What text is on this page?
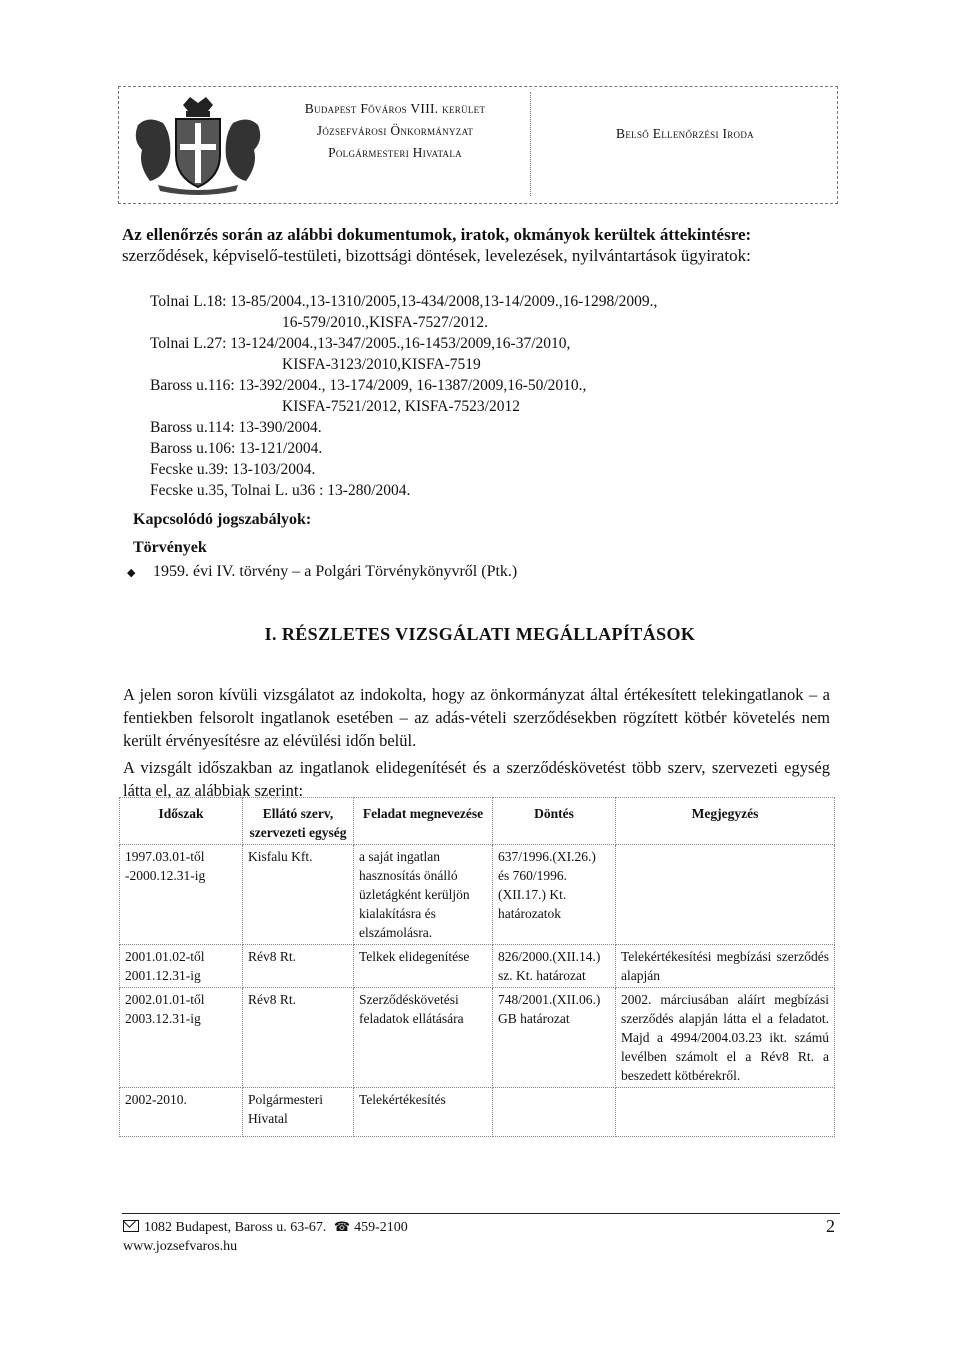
Budapest Főváros VIII. kerület
Józsefvárosi Önkormányzat
Polgármesteri Hivatala
Belső Ellenőrzési Iroda
Az ellenőrzés során az alábbi dokumentumok, iratok, okmányok kerültek áttekintésre: szerződések, képviselő-testületi, bizottsági döntések, levelezések, nyilvántartások ügyiratok:
Tolnai L.18: 13-85/2004.,13-1310/2005,13-434/2008,13-14/2009.,16-1298/2009.,
16-579/2010.,KISFA-7527/2012.
Tolnai L.27: 13-124/2004.,13-347/2005.,16-1453/2009,16-37/2010,
KISFA-3123/2010,KISFA-7519
Baross u.116: 13-392/2004., 13-174/2009, 16-1387/2009,16-50/2010.,
KISFA-7521/2012, KISFA-7523/2012
Baross u.114: 13-390/2004.
Baross u.106: 13-121/2004.
Fecske u.39: 13-103/2004.
Fecske u.35, Tolnai L. u36 : 13-280/2004.
Kapcsolódó jogszabályok:
Törvények
◆ 1959. évi IV. törvény – a Polgári Törvénykönyvről (Ptk.)
I. RÉSZLETES VIZSGÁLATI MEGÁLLAPÍTÁSOK
A jelen soron kívüli vizsgálatot az indokolta, hogy az önkormányzat által értékesített telekingatlanok – a fentiekben felsorolt ingatlanok esetében – az adás-vételi szerződésekben rögzített kötbér követelés nem került érvényesítésre az elévülési időn belül.
A vizsgált időszakban az ingatlanok elidegenítését és a szerződéskövetést több szerv, szervezeti egység látta el, az alábbiak szerint:
Időszak	Ellátó szerv, szervezeti egység	Feladat megnevezése	Döntés	Megjegyzés
1997.03.01-től -2000.12.31-ig	Kisfalu Kft.	a saját ingatlan hasznosítás önálló üzletágként kerüljön kialakításra és elszámolásra.	637/1996.(XI.26.) és 760/1996.(XII.17.) Kt. határozatok	
2001.01.02-től 2001.12.31-ig	Rév8 Rt.	Telkek elidegenítése	826/2000.(XII.14.) sz. Kt. határozat	Telekértékesítési megbízási szerződés alapján
2002.01.01-től 2003.12.31-ig	Rév8 Rt.	Szerződéskövetési feladatok ellátására	748/2001.(XII.06.) GB határozat	2002. márciusában aláírt megbízási szerződés alapján látta el a feladatot. Majd a 4994/2004.03.23 ikt. számú levélben számolt el a Rév8 Rt. a beszedett kötbérekről.
2002-2010.	Polgármesteri Hivatal	Telekértékesítés		
1082 Budapest, Baross u. 63-67. ☎ 459-2100
www.jozsefvaros.hu
2
